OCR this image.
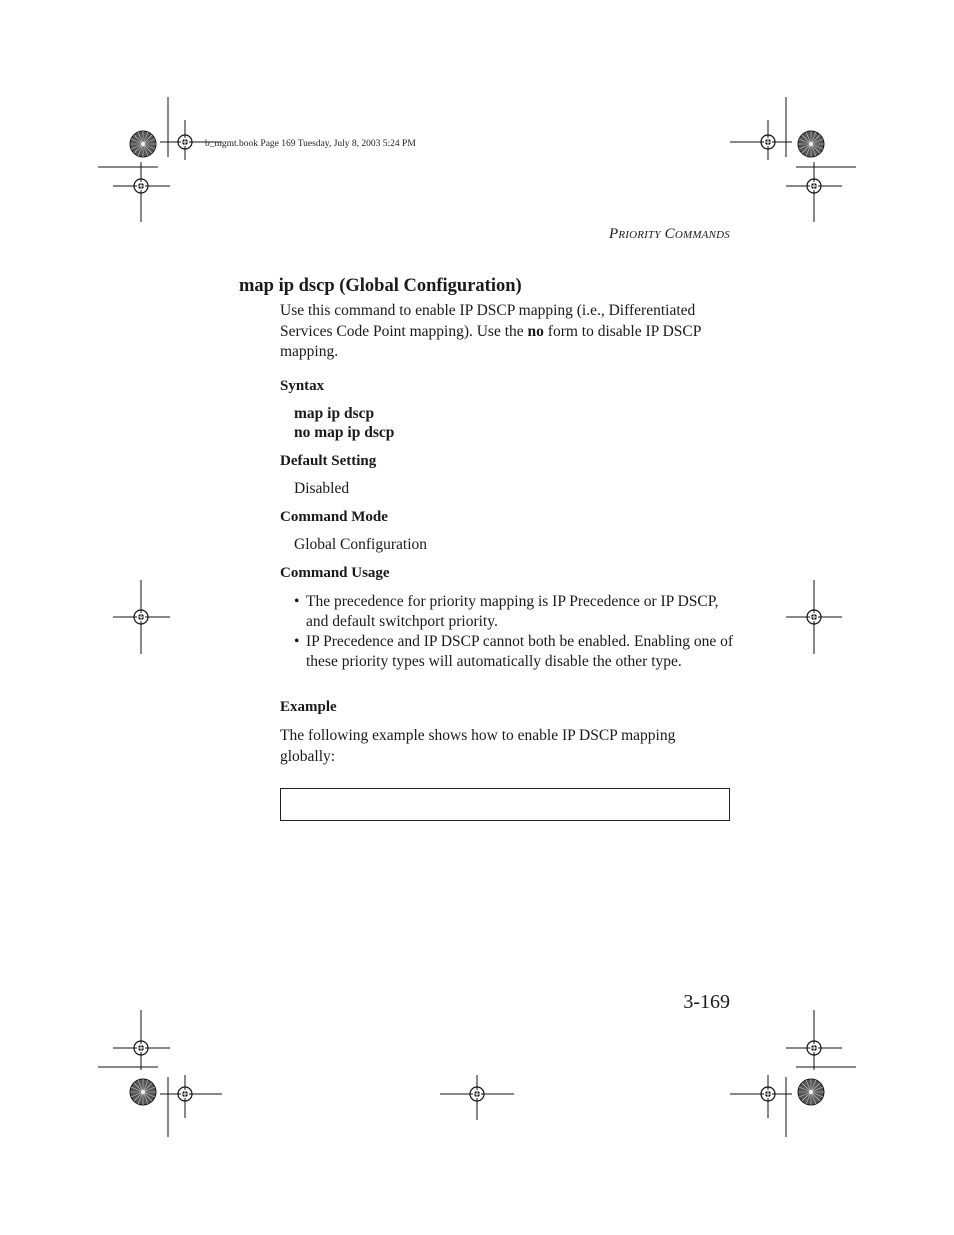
b_mgmt.book Page 169 Tuesday, July 8, 2003 5:24 PM
Priority Commands
map ip dscp (Global Configuration)
Use this command to enable IP DSCP mapping (i.e., Differentiated Services Code Point mapping). Use the no form to disable IP DSCP mapping.
Syntax
map ip dscp
no map ip dscp
Default Setting
Disabled
Command Mode
Global Configuration
Command Usage
• The precedence for priority mapping is IP Precedence or IP DSCP, and default switchport priority.
• IP Precedence and IP DSCP cannot both be enabled. Enabling one of these priority types will automatically disable the other type.
Example
The following example shows how to enable IP DSCP mapping globally:
3-169
